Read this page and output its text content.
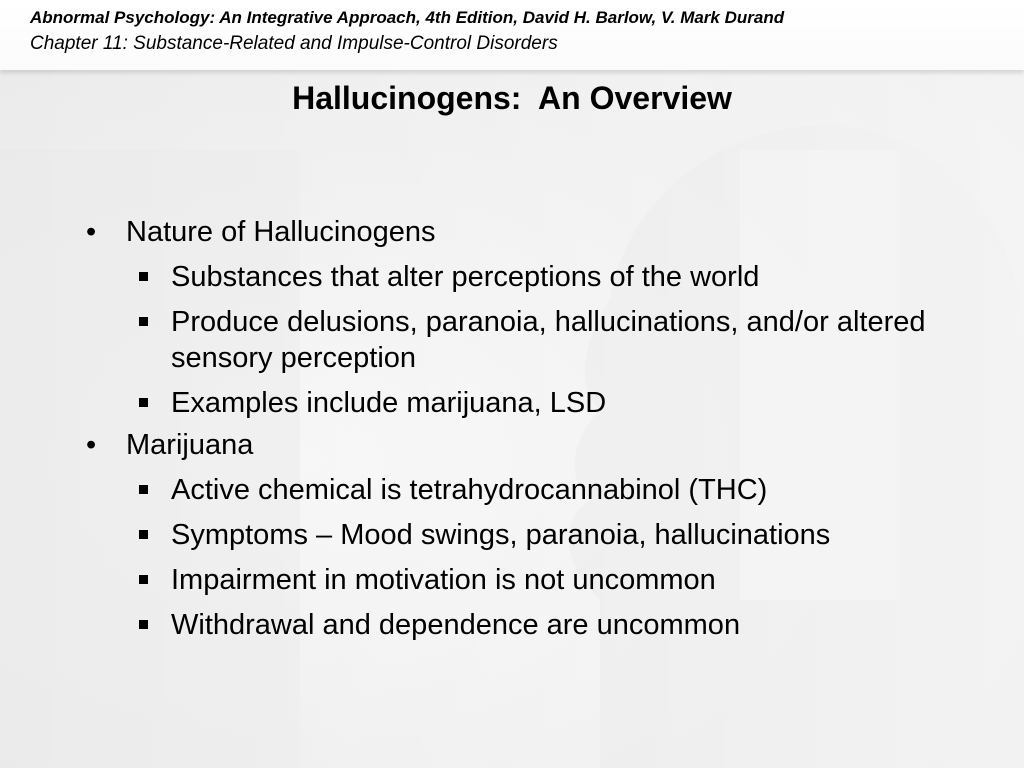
Abnormal Psychology: An Integrative Approach, 4th Edition, David H. Barlow, V. Mark Durand
Chapter 11: Substance-Related and Impulse-Control Disorders
Hallucinogens:  An Overview
•	Nature of Hallucinogens
Substances that alter perceptions of the world
Produce delusions, paranoia, hallucinations, and/or altered sensory perception
Examples include marijuana, LSD
•	Marijuana
Active chemical is tetrahydrocannabinol (THC)
Symptoms – Mood swings, paranoia, hallucinations
Impairment in motivation is not uncommon
Withdrawal and dependence are uncommon
